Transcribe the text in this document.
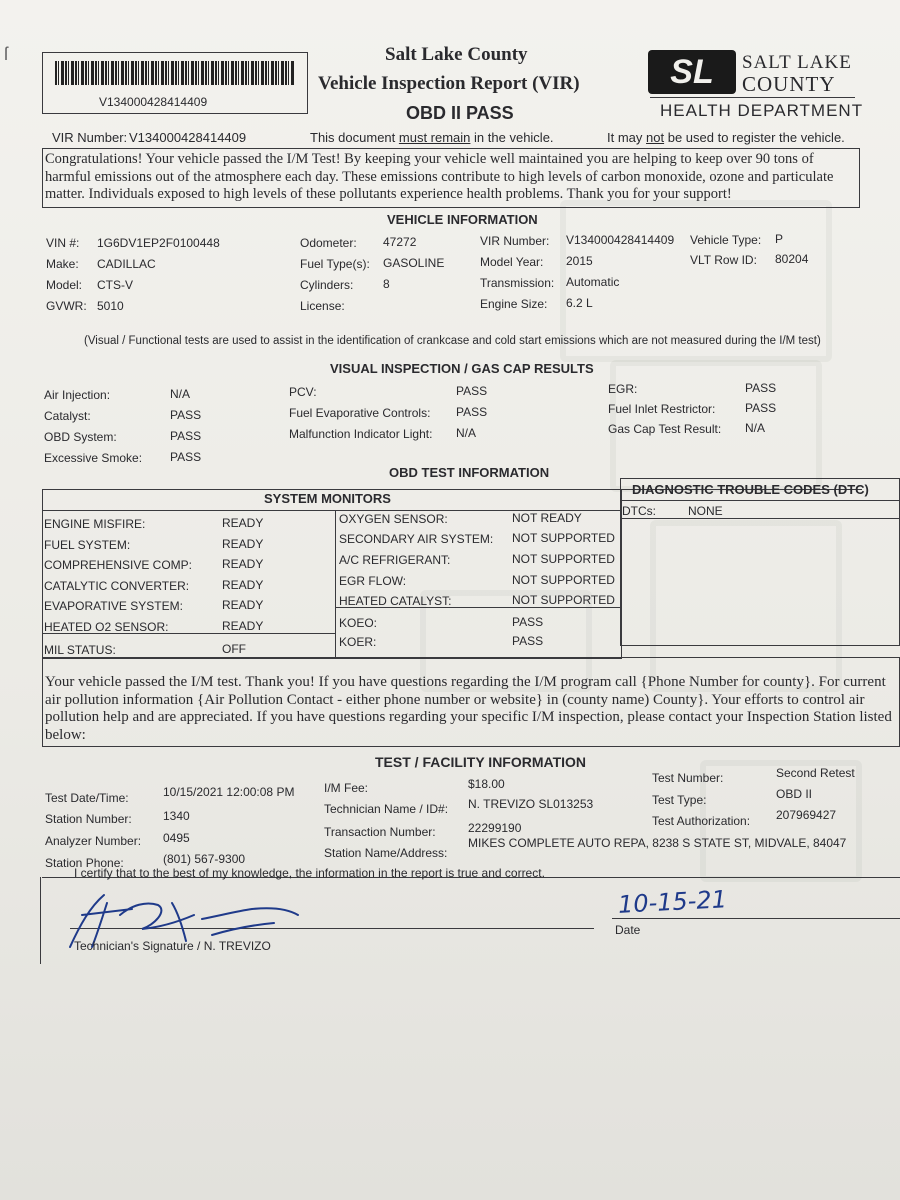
V134000428414409
Salt Lake County
Vehicle Inspection Report (VIR)
OBD II PASS
SL	SALT LAKE
COUNTY
HEALTH DEPARTMENT
VIR Number: V134000428414409	This document must remain in the vehicle.	It may not be used to register the vehicle.
Congratulations! Your vehicle passed the I/M Test! By keeping your vehicle well maintained you are helping to keep over 90 tons of harmful emissions out of the atmosphere each day. These emissions contribute to high levels of carbon monoxide, ozone and particulate matter. Individuals exposed to high levels of these pollutants experience health problems. Thank you for your support!
VEHICLE INFORMATION
VIN #: 1G6DV1EP2F0100448
Make: CADILLAC
Model: CTS-V
GVWR: 5010
Odometer: 47272
Fuel Type(s): GASOLINE
Cylinders: 8
License:
VIR Number: V134000428414409
Model Year: 2015
Transmission: Automatic
Engine Size: 6.2 L
Vehicle Type: P
VLT Row ID: 80204
(Visual / Functional tests are used to assist in the identification of crankcase and cold start emissions which are not measured during the I/M test)
VISUAL INSPECTION / GAS CAP RESULTS
Air Injection:	N/A
Catalyst:	PASS
OBD System:	PASS
Excessive Smoke: PASS
PCV:	PASS
Fuel Evaporative Controls: PASS
Malfunction Indicator Light: N/A
EGR:	PASS
Fuel Inlet Restrictor: PASS
Gas Cap Test Result: N/A
OBD TEST INFORMATION
DIAGNOSTIC TROUBLE CODES (DTC)
DTCs:	NONE
SYSTEM MONITORS
ENGINE MISFIRE:	READY
FUEL SYSTEM:	READY
COMPREHENSIVE COMP: READY
CATALYTIC CONVERTER:	READY
EVAPORATIVE SYSTEM:	READY
HEATED O2 SENSOR:	READY
MIL STATUS:	OFF
OXYGEN SENSOR:	NOT READY
SECONDARY AIR SYSTEM: NOT SUPPORTED
A/C REFRIGERANT:	NOT SUPPORTED
EGR FLOW:	NOT SUPPORTED
HEATED CATALYST:	NOT SUPPORTED
KOEO:	PASS
KOER:	PASS
Your vehicle passed the I/M test. Thank you! If you have questions regarding the I/M program call {Phone Number for county}. For current air pollution information {Air Pollution Contact - either phone number or website} in (county name) County}. Your efforts to control air pollution help and are appreciated. If you have questions regarding your specific I/M inspection, please contact your Inspection Station listed below:
TEST / FACILITY INFORMATION
Test Date/Time:	10/15/2021 12:00:08 PM
Station Number:	1340
Analyzer Number: 0495
Station Phone:	(801) 567-9300
I/M Fee:	$18.00
Technician Name / ID#: N. TREVIZO SL013253
Transaction Number:	22299190
Station Name/Address:
MIKES COMPLETE AUTO REPA, 8238 S STATE ST, MIDVALE, 84047
Test Number:	Second Retest
Test Type:	OBD II
Test Authorization: 207969427
I certify that to the best of my knowledge, the information in the report is true and correct.
Technician's Signature / N. TREVIZO
Date
10-15-21
ſ
